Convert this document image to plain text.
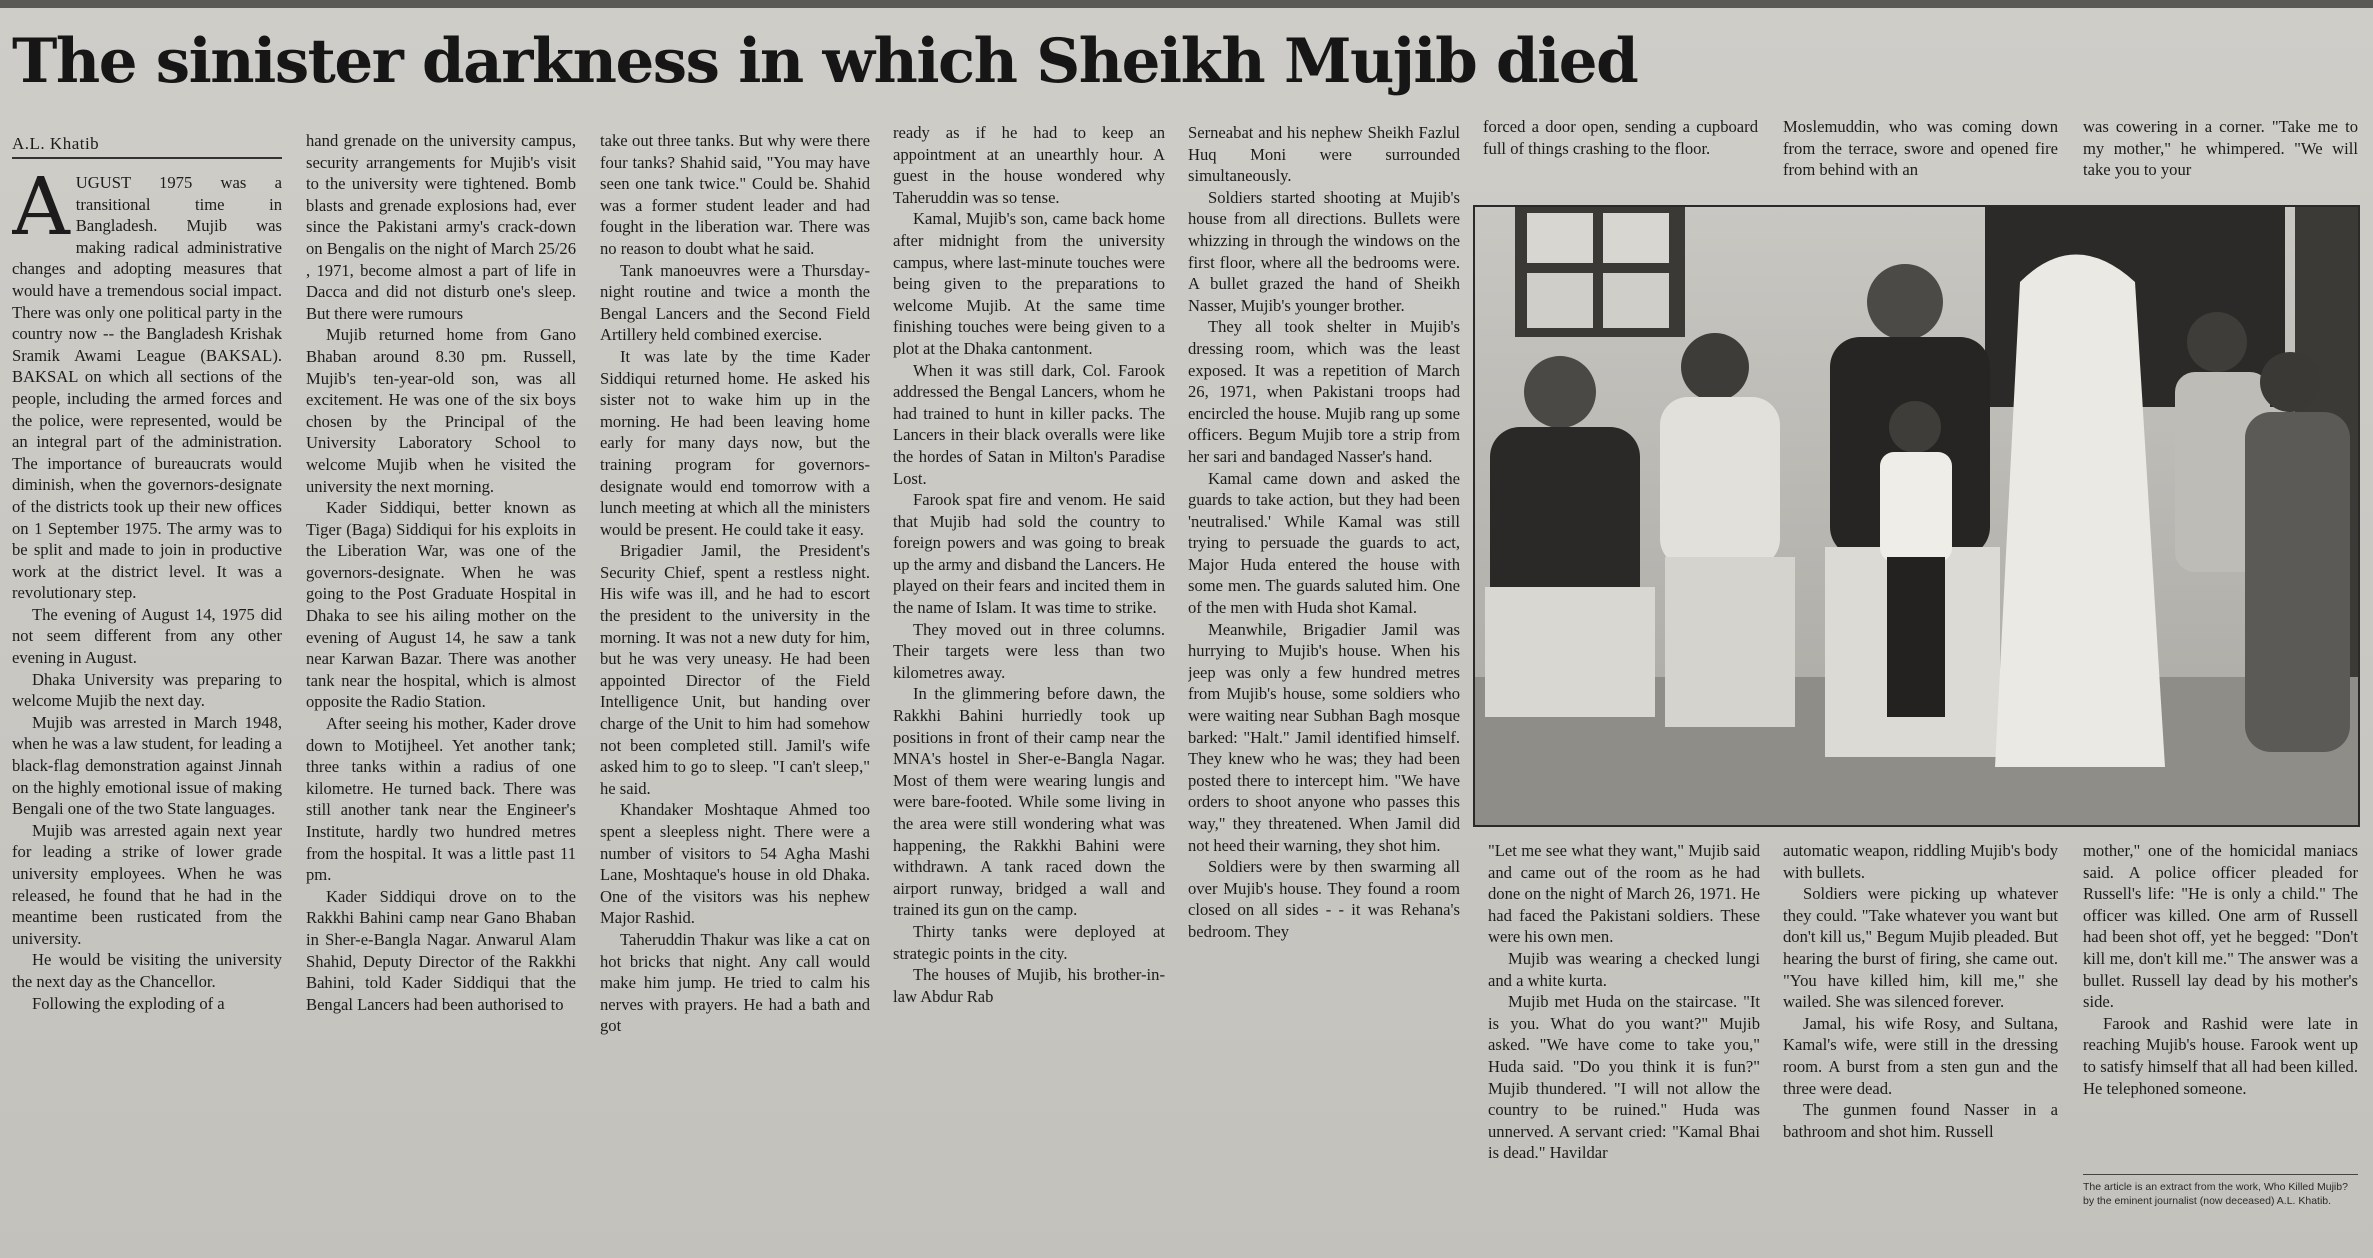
The sinister darkness in which Sheikh Mujib died
A.L. Khatib
A UGUST 1975 was a transitional time in Bangladesh. Mujib was making radical administrative changes and adopting measures that would have a tremendous social impact. There was only one political party in the country now -- the Bangladesh Krishak Sramik Awami League (BAKSAL). BAKSAL on which all sections of the people, including the armed forces and the police, were represented, would be an integral part of the administration. The importance of bureaucrats would diminish, when the governors-designate of the districts took up their new offices on 1 September 1975. The army was to be split and made to join in productive work at the district level. It was a revolutionary step.

The evening of August 14, 1975 did not seem different from any other evening in August.

Dhaka University was preparing to welcome Mujib the next day.

Mujib was arrested in March 1948, when he was a law student, for leading a black-flag demonstration against Jinnah on the highly emotional issue of making Bengali one of the two State languages.

Mujib was arrested again next year for leading a strike of lower grade university employees. When he was released, he found that he had in the meantime been rusticated from the university.

He would be visiting the university the next day as the Chancellor.

Following the exploding of a

hand grenade on the university campus, security arrangements for Mujib's visit to the university were tightened. Bomb blasts and grenade explosions had, ever since the Pakistani army's crack-down on Bengalis on the night of March 25/26 , 1971, become almost a part of life in Dacca and did not disturb one's sleep. But there were rumours

Mujib returned home from Gano Bhaban around 8.30 pm. Russell, Mujib's ten-year-old son, was all excitement. He was one of the six boys chosen by the Principal of the University Laboratory School to welcome Mujib when he visited the university the next morning.

Kader Siddiqui, better known as Tiger (Baga) Siddiqui for his exploits in the Liberation War, was one of the governors-designate. When he was going to the Post Graduate Hospital in Dhaka to see his ailing mother on the evening of August 14, he saw a tank near Karwan Bazar. There was another tank near the hospital, which is almost opposite the Radio Station.

After seeing his mother, Kader drove down to Motijheel. Yet another tank; three tanks within a radius of one kilometre. He turned back. There was still another tank near the Engineer's Institute, hardly two hundred metres from the hospital. It was a little past 11 pm.

Kader Siddiqui drove on to the Rakkhi Bahini camp near Gano Bhaban in Sher-e-Bangla Nagar. Anwarul Alam Shahid, Deputy Director of the Rakkhi Bahini, told Kader Siddiqui that the Bengal Lancers had been authorised to

take out three tanks. But why were there four tanks? Shahid said, "You may have seen one tank twice." Could be. Shahid was a former student leader and had fought in the liberation war. There was no reason to doubt what he said.

Tank manoeuvres were a Thursday-night routine and twice a month the Bengal Lancers and the Second Field Artillery held combined exercise.

It was late by the time Kader Siddiqui returned home. He asked his sister not to wake him up in the morning. He had been leaving home early for many days now, but the training program for governors-designate would end tomorrow with a lunch meeting at which all the ministers would be present. He could take it easy.

Brigadier Jamil, the President's Security Chief, spent a restless night. His wife was ill, and he had to escort the president to the university in the morning. It was not a new duty for him, but he was very uneasy. He had been appointed Director of the Field Intelligence Unit, but handing over charge of the Unit to him had somehow not been completed still. Jamil's wife asked him to go to sleep. "I can't sleep," he said.

Khandaker Moshtaque Ahmed too spent a sleepless night. There were a number of visitors to 54 Agha Mashi Lane, Moshtaque's house in old Dhaka. One of the visitors was his nephew Major Rashid.

Taheruddin Thakur was like a cat on hot bricks that night. Any call would make him jump. He tried to calm his nerves with prayers. He had a bath and got

ready as if he had to keep an appointment at an unearthly hour. A guest in the house wondered why Taheruddin was so tense.

Kamal, Mujib's son, came back home after midnight from the university campus, where last-minute touches were being given to the preparations to welcome Mujib. At the same time finishing touches were being given to a plot at the Dhaka cantonment.

When it was still dark, Col. Farook addressed the Bengal Lancers, whom he had trained to hunt in killer packs. The Lancers in their black overalls were like the hordes of Satan in Milton's Paradise Lost.

Farook spat fire and venom. He said that Mujib had sold the country to foreign powers and was going to break up the army and disband the Lancers. He played on their fears and incited them in the name of Islam. It was time to strike.

They moved out in three columns. Their targets were less than two kilometres away.

In the glimmering before dawn, the Rakkhi Bahini hurriedly took up positions in front of their camp near the MNA's hostel in Sher-e-Bangla Nagar. Most of them were wearing lungis and were bare-footed. While some living in the area were still wondering what was happening, the Rakkhi Bahini were withdrawn. A tank raced down the airport runway, bridged a wall and trained its gun on the camp.

Thirty tanks were deployed at strategic points in the city.

The houses of Mujib, his brother-in-law Abdur Rab

Serneabat and his nephew Sheikh Fazlul Huq Moni were surrounded simultaneously.

Soldiers started shooting at Mujib's house from all directions. Bullets were whizzing in through the windows on the first floor, where all the bedrooms were. A bullet grazed the hand of Sheikh Nasser, Mujib's younger brother.

They all took shelter in Mujib's dressing room, which was the least exposed. It was a repetition of March 26, 1971, when Pakistani troops had encircled the house. Mujib rang up some officers. Begum Mujib tore a strip from her sari and bandaged Nasser's hand.

Kamal came down and asked the guards to take action, but they had been 'neutralised.' While Kamal was still trying to persuade the guards to act, Major Huda entered the house with some men. The guards saluted him. One of the men with Huda shot Kamal.

Meanwhile, Brigadier Jamil was hurrying to Mujib's house. When his jeep was only a few hundred metres from Mujib's house, some soldiers who were waiting near Subhan Bagh mosque barked: "Halt." Jamil identified himself. They knew who he was; they had been posted there to intercept him. "We have orders to shoot anyone who passes this way," they threatened. When Jamil did not heed their warning, they shot him.

Soldiers were by then swarming all over Mujib's house. They found a room closed on all sides - - it was Rehana's bedroom. They

forced a door open, sending a cupboard full of things crashing to the floor.

Moslemuddin, who was coming down from the terrace, swore and opened fire from behind with an

was cowering in a corner. "Take me to my mother," he whimpered. "We will take you to your

"Let me see what they want," Mujib said and came out of the room as he had done on the night of March 26, 1971. He had faced the Pakistani soldiers. These were his own men.

Mujib was wearing a checked lungi and a white kurta.

Mujib met Huda on the staircase. "It is you. What do you want?" Mujib asked. "We have come to take you," Huda said. "Do you think it is fun?" Mujib thundered. "I will not allow the country to be ruined." Huda was unnerved. A servant cried: "Kamal Bhai is dead." Havildar

automatic weapon, riddling Mujib's body with bullets.

Soldiers were picking up whatever they could. "Take whatever you want but don't kill us," Begum Mujib pleaded. But hearing the burst of firing, she came out. "You have killed him, kill me," she wailed. She was silenced forever.

Jamal, his wife Rosy, and Sultana, Kamal's wife, were still in the dressing room. A burst from a sten gun and the three were dead.

The gunmen found Nasser in a bathroom and shot him. Russell

mother," one of the homicidal maniacs said. A police officer pleaded for Russell's life: "He is only a child." The officer was killed. One arm of Russell had been shot off, yet he begged: "Don't kill me, don't kill me." The answer was a bullet. Russell lay dead by his mother's side.

Farook and Rashid were late in reaching Mujib's house. Farook went up to satisfy himself that all had been killed. He telephoned someone.

The article is an extract from the work, Who Killed Mujib? by the eminent journalist (now deceased) A.L. Khatib.
